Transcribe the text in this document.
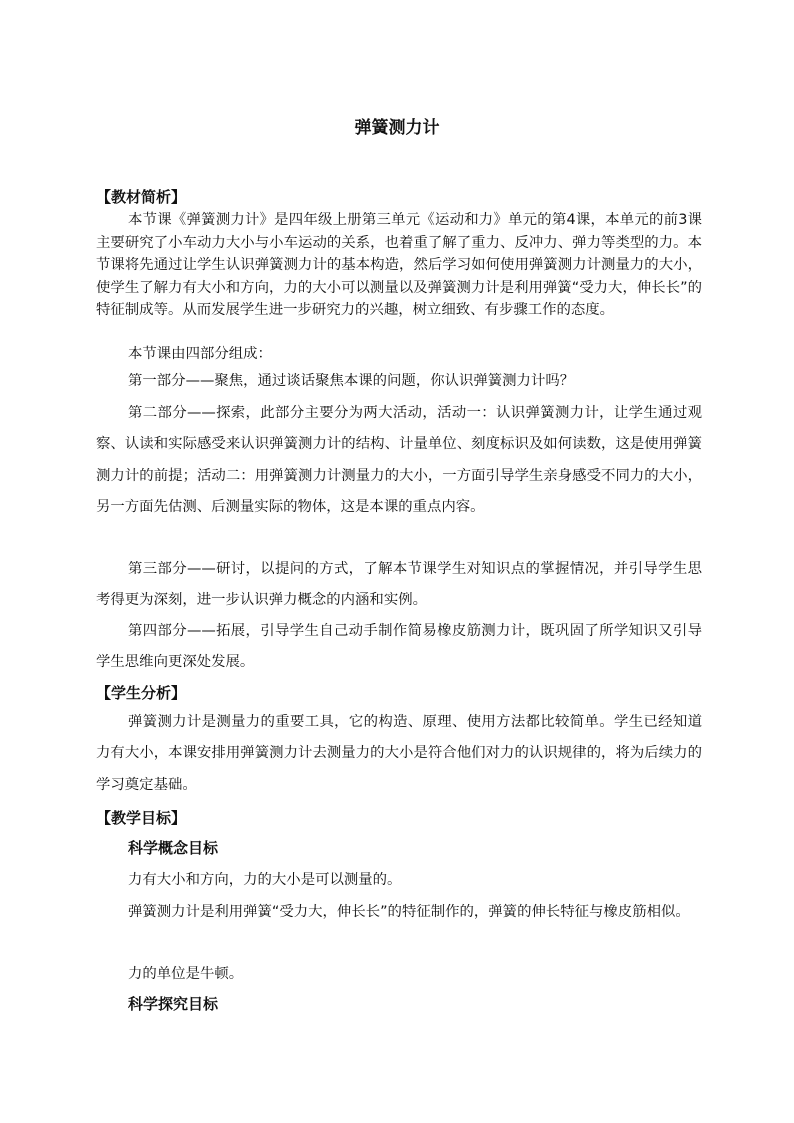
弹簧测力计
【教材简析】

本节课《弹簧测力计》是四年级上册第三单元《运动和力》单元的第4课，本单元的前3课主要研究了小车动力大小与小车运动的关系，也着重了解了重力、反冲力、弹力等类型的力。本节课将先通过让学生认识弹簧测力计的基本构造，然后学习如何使用弹簧测力计测量力的大小，使学生了解力有大小和方向，力的大小可以测量以及弹簧测力计是利用弹簧“受力大，伸长长”的特征制成等。从而发展学生进一步研究力的兴趣，树立细致、有步骤工作的态度。

本节课由四部分组成：

第一部分——聚焦，通过谈话聚焦本课的问题，你认识弹簧测力计吗？

第二部分——探索，此部分主要分为两大活动，活动一：认识弹簧测力计，让学生通过观察、认读和实际感受来认识弹簧测力计的结构、计量单位、刻度标识及如何读数，这是使用弹簧测力计的前提；活动二：用弹簧测力计测量力的大小，一方面引导学生亲身感受不同力的大小，另一方面先估测、后测量实际的物体，这是本课的重点内容。

第三部分——研讨，以提问的方式，了解本节课学生对知识点的掌握情况，并引导学生思考得更为深刻，进一步认识弹力概念的内涵和实例。

第四部分——拓展，引导学生自己动手制作简易橡皮筋测力计，既巩固了所学知识又引导学生思维向更深处发展。

【学生分析】

弹簧测力计是测量力的重要工具，它的构造、原理、使用方法都比较简单。学生已经知道力有大小，本课安排用弹簧测力计去测量力的大小是符合他们对力的认识规律的，将为后续力的学习奠定基础。

【教学目标】
科学概念目标

力有大小和方向，力的大小是可以测量的。

弹簧测力计是利用弹簧“受力大，伸长长”的特征制作的，弹簧的伸长特征与橡皮筋相似。

力的单位是牛顿。

科学探究目标
